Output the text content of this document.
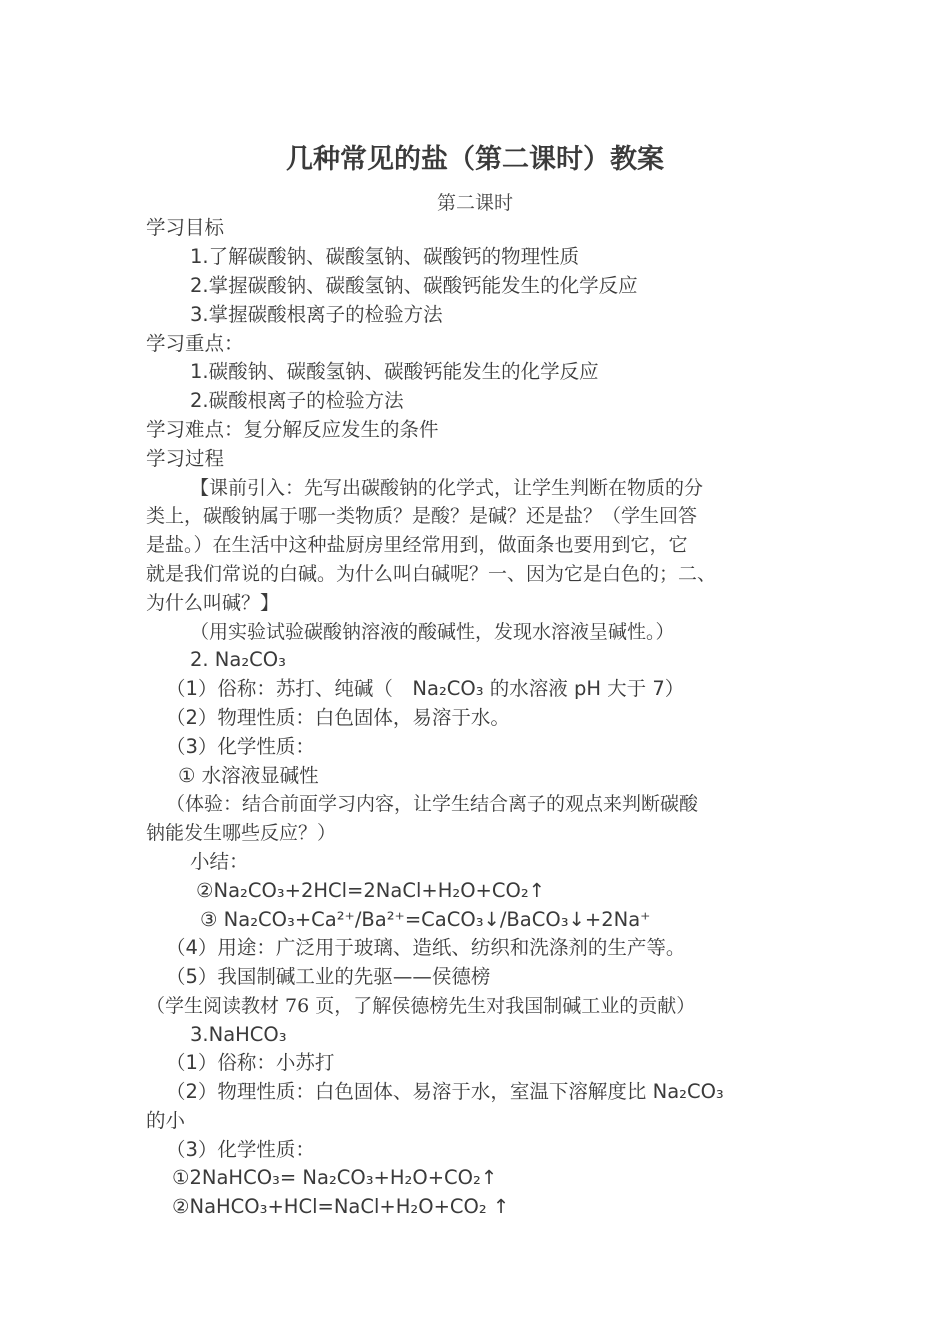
几种常见的盐（第二课时）教案
第二课时
学习目标
1.了解碳酸钠、碳酸氢钠、碳酸钙的物理性质
2.掌握碳酸钠、碳酸氢钠、碳酸钙能发生的化学反应
3.掌握碳酸根离子的检验方法
学习重点：
1.碳酸钠、碳酸氢钠、碳酸钙能发生的化学反应
2.碳酸根离子的检验方法
学习难点：复分解反应发生的条件
学习过程
【课前引入：先写出碳酸钠的化学式，让学生判断在物质的分
类上，碳酸钠属于哪一类物质？是酸？是碱？还是盐？（学生回答
是盐。）在生活中这种盐厨房里经常用到，做面条也要用到它，它
就是我们常说的白碱。为什么叫白碱呢？一、因为它是白色的；二、
为什么叫碱？】
（用实验试验碳酸钠溶液的酸碱性，发现水溶液呈碱性。）
2. Na₂CO₃
（1）俗称：苏打、纯碱（　Na₂CO₃ 的水溶液 pH 大于 7）
（2）物理性质：白色固体，易溶于水。
（3）化学性质：
① 水溶液显碱性
（体验：结合前面学习内容，让学生结合离子的观点来判断碳酸
钠能发生哪些反应？）
小结：
②Na₂CO₃+2HCl=2NaCl+H₂O+CO₂↑
③ Na₂CO₃+Ca²⁺/Ba²⁺=CaCO₃↓/BaCO₃↓+2Na⁺
（4）用途：广泛用于玻璃、造纸、纺织和洗涤剂的生产等。
（5）我国制碱工业的先驱——侯德榜
（学生阅读教材 76 页，了解侯德榜先生对我国制碱工业的贡献）
3.NaHCO₃
（1）俗称：小苏打
（2）物理性质：白色固体、易溶于水，室温下溶解度比 Na₂CO₃
的小
（3）化学性质：
①2NaHCO₃= Na₂CO₃+H₂O+CO₂↑
②NaHCO₃+HCl=NaCl+H₂O+CO₂ ↑
